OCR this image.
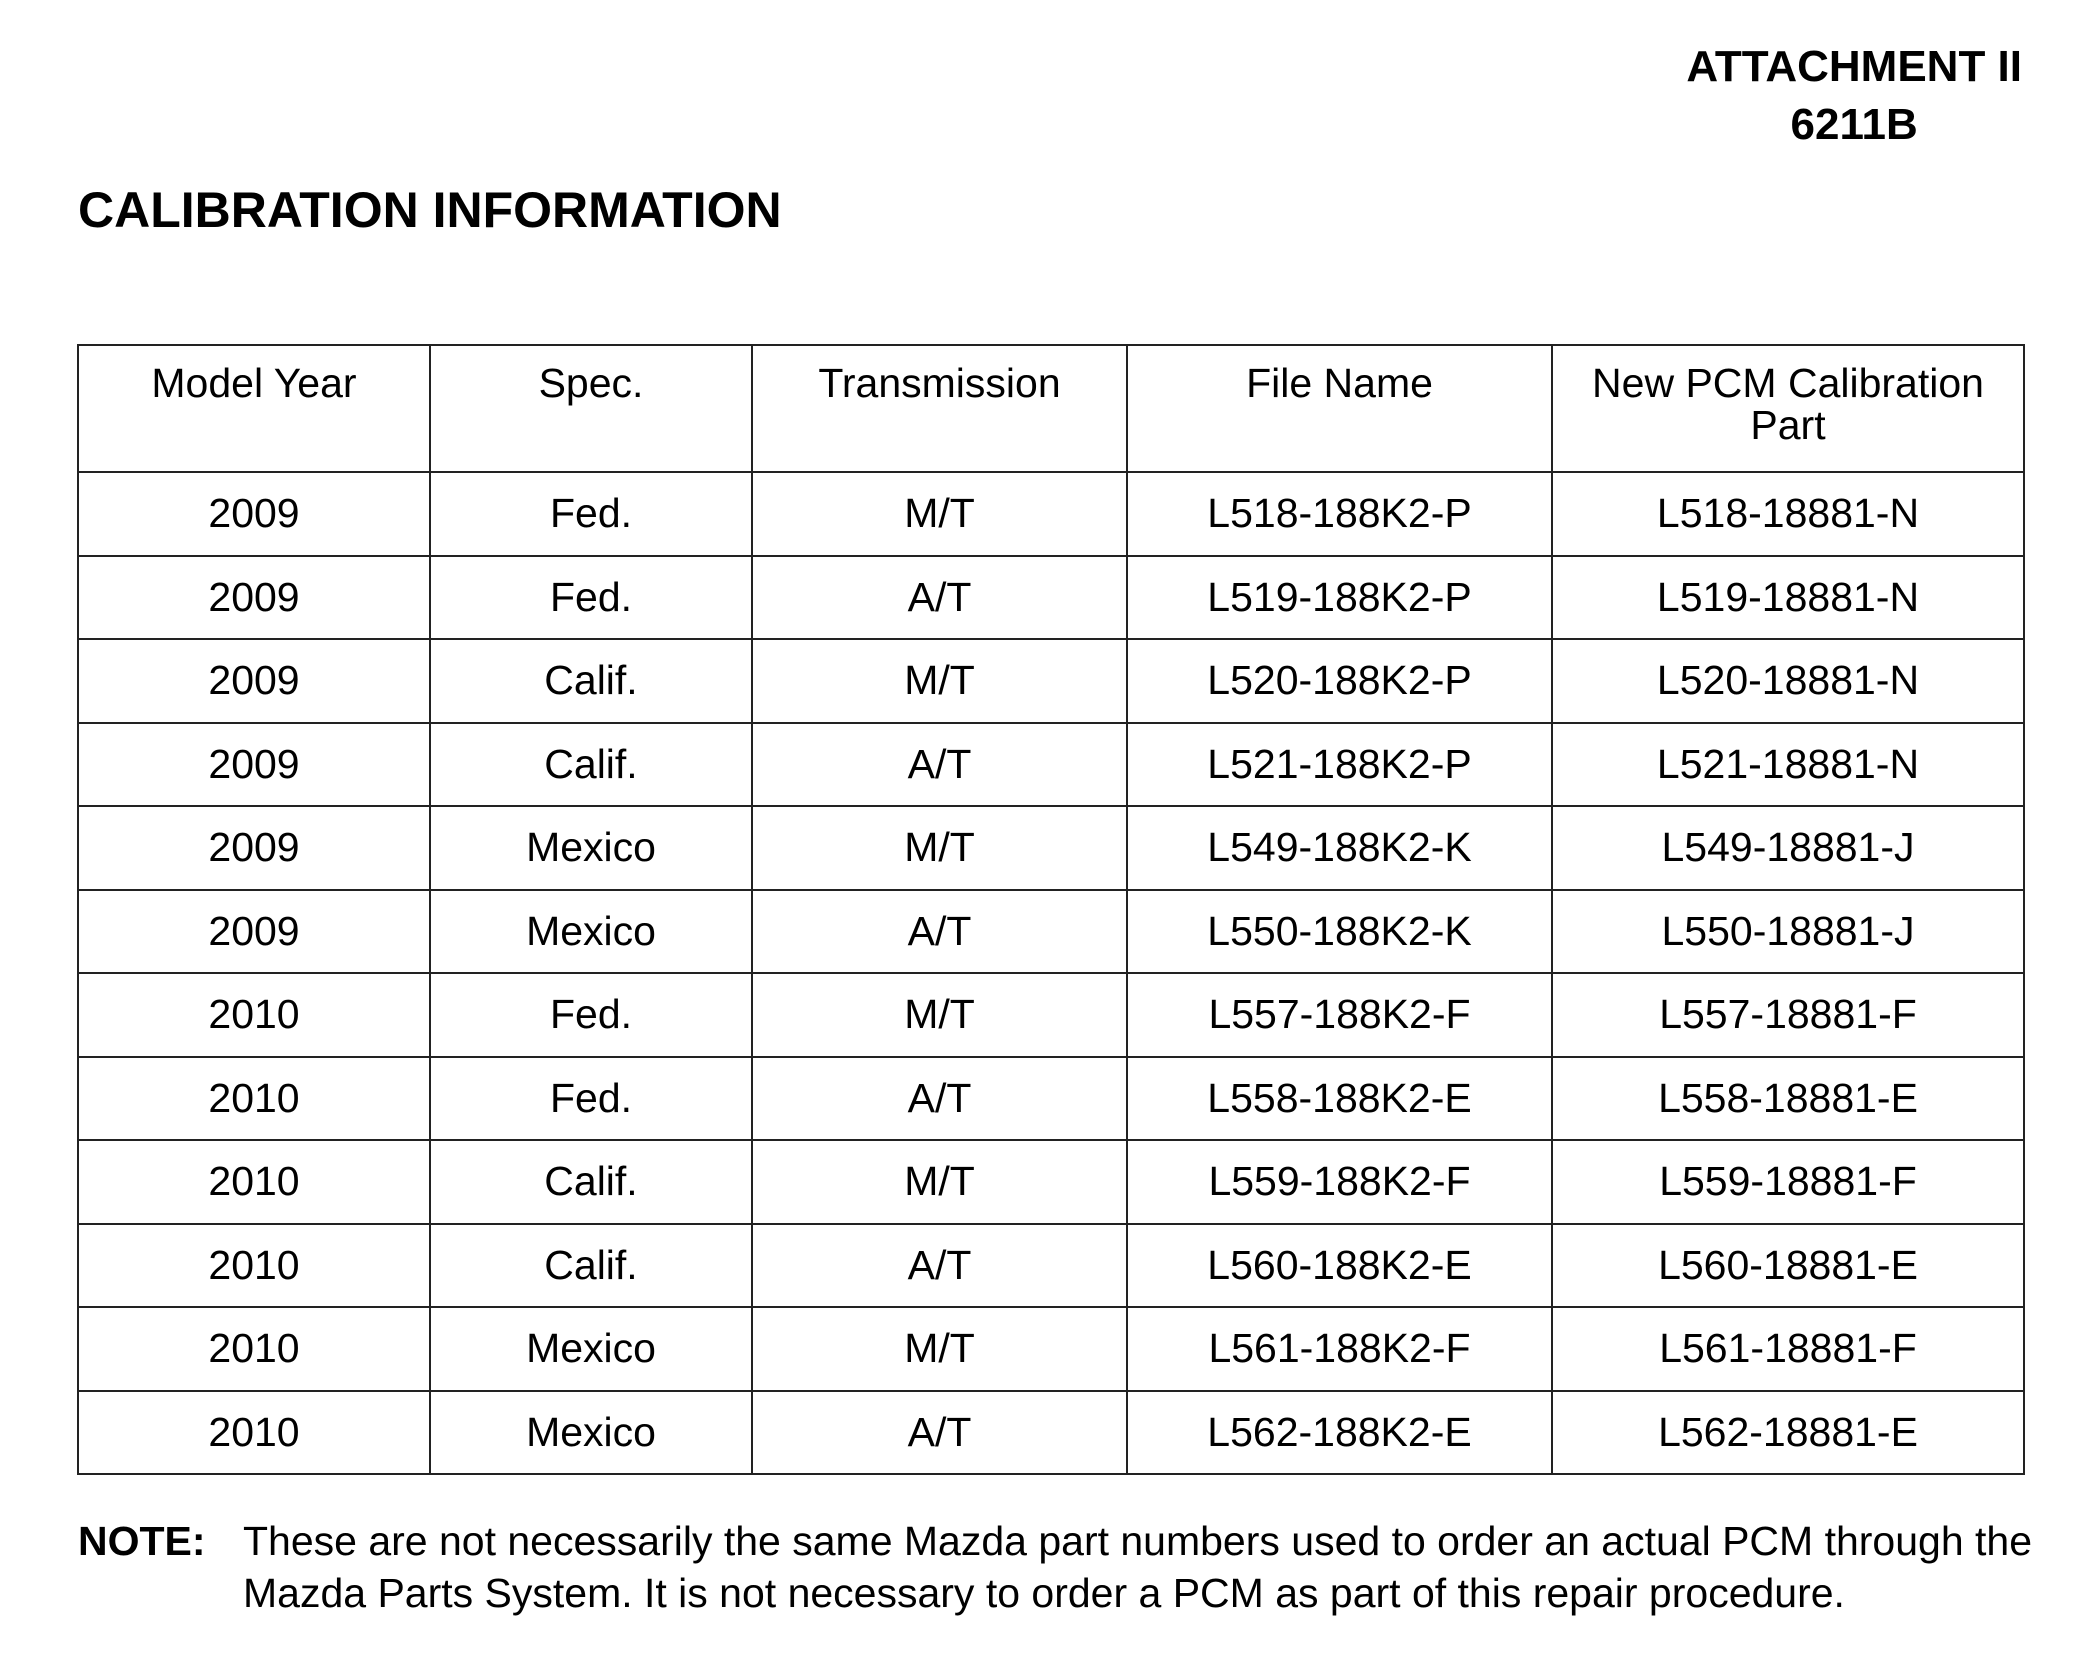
ATTACHMENT II
6211B
CALIBRATION INFORMATION
Model Year	Spec.	Transmission	File Name	New PCM Calibration Part
2009	Fed.	M/T	L518-188K2-P	L518-18881-N
2009	Fed.	A/T	L519-188K2-P	L519-18881-N
2009	Calif.	M/T	L520-188K2-P	L520-18881-N
2009	Calif.	A/T	L521-188K2-P	L521-18881-N
2009	Mexico	M/T	L549-188K2-K	L549-18881-J
2009	Mexico	A/T	L550-188K2-K	L550-18881-J
2010	Fed.	M/T	L557-188K2-F	L557-18881-F
2010	Fed.	A/T	L558-188K2-E	L558-18881-E
2010	Calif.	M/T	L559-188K2-F	L559-18881-F
2010	Calif.	A/T	L560-188K2-E	L560-18881-E
2010	Mexico	M/T	L561-188K2-F	L561-18881-F
2010	Mexico	A/T	L562-188K2-E	L562-18881-E
NOTE: These are not necessarily the same Mazda part numbers used to order an actual PCM through the Mazda Parts System. It is not necessary to order a PCM as part of this repair procedure.
